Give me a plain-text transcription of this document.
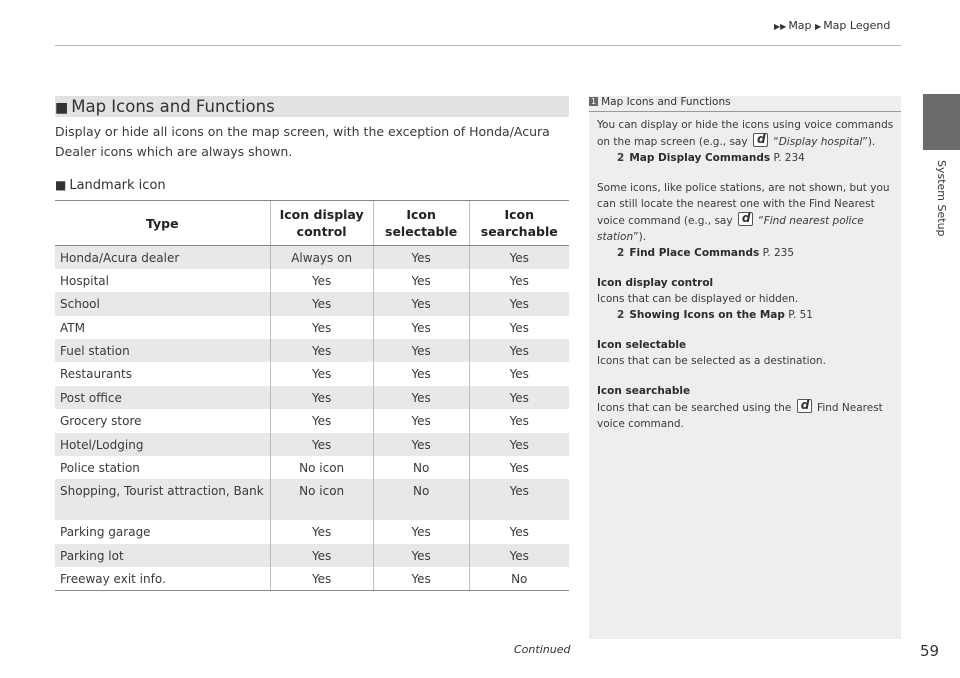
▶▶ Map ▶ Map Legend
System Setup
■ Map Icons and Functions
Display or hide all icons on the map screen, with the exception of Honda/Acura Dealer icons which are always shown.
■ Landmark icon
Type	Icon display control	Icon selectable	Icon searchable
Honda/Acura dealer	Always on	Yes	Yes
Hospital	Yes	Yes	Yes
School	Yes	Yes	Yes
ATM	Yes	Yes	Yes
Fuel station	Yes	Yes	Yes
Restaurants	Yes	Yes	Yes
Post office	Yes	Yes	Yes
Grocery store	Yes	Yes	Yes
Hotel/Lodging	Yes	Yes	Yes
Police station	No icon	No	Yes
Shopping, Tourist attraction, Bank	No icon	No	Yes
Parking garage	Yes	Yes	Yes
Parking lot	Yes	Yes	Yes
Freeway exit info.	Yes	Yes	No
1 Map Icons and Functions

You can display or hide the icons using voice commands on the map screen (e.g., say d “Display hospital”).

2 Map Display Commands P. 234

Some icons, like police stations, are not shown, but you can still locate the nearest one with the Find Nearest voice command (e.g., say d “Find nearest police station”).

2 Find Place Commands P. 235

Icon display control

Icons that can be displayed or hidden.

2 Showing Icons on the Map P. 51

Icon selectable

Icons that can be selected as a destination.

Icon searchable

Icons that can be searched using the d Find Nearest voice command.

Continued	59
